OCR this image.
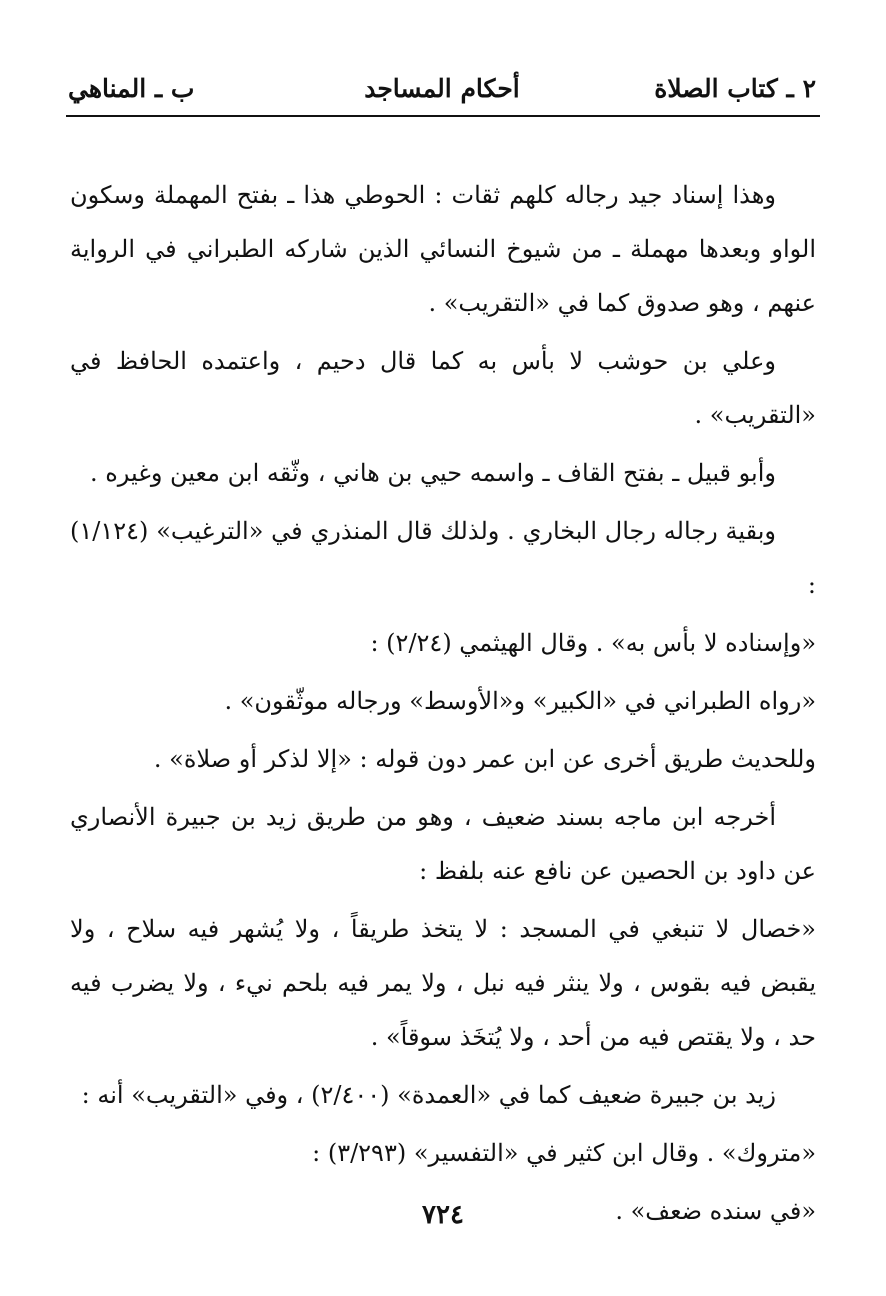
٢ ـ كتاب الصلاة
أحكام المساجد
ب ـ المناهي

وهذا إسناد جيد رجاله كلهم ثقات : الحوطي هذا ـ بفتح المهملة وسكون الواو وبعدها مهملة ـ من شيوخ النسائي الذين شاركه الطبراني في الرواية عنهم ، وهو صدوق كما في «التقريب» .

وعلي بن حوشب لا بأس به كما قال دحيم ، واعتمده الحافظ في «التقريب» .

وأبو قبيل ـ بفتح القاف ـ واسمه حيي بن هاني ، وثّقه ابن معين وغيره .

وبقية رجاله رجال البخاري . ولذلك قال المنذري في «الترغيب» (١/١٢٤) :

«وإسناده لا بأس به» . وقال الهيثمي (٢/٢٤) :

«رواه الطبراني في «الكبير» و«الأوسط» ورجاله موثّقون» .

وللحديث طريق أخرى عن ابن عمر دون قوله : «إلا لذكر أو صلاة» .

أخرجه ابن ماجه بسند ضعيف ، وهو من طريق زيد بن جبيرة الأنصاري عن داود بن الحصين عن نافع عنه بلفظ :

«خصال لا تنبغي في المسجد : لا يتخذ طريقاً ، ولا يُشهر فيه سلاح ، ولا يقبض فيه بقوس ، ولا ينثر فيه نبل ، ولا يمر فيه بلحم نيء ، ولا يضرب فيه حد ، ولا يقتص فيه من أحد ، ولا يُتخَذ سوقاً» .

زيد بن جبيرة ضعيف كما في «العمدة» (٢/٤٠٠) ، وفي «التقريب» أنه :

«متروك» . وقال ابن كثير في «التفسير» (٣/٢٩٣) :

«في سنده ضعف» .

٧٢٤
